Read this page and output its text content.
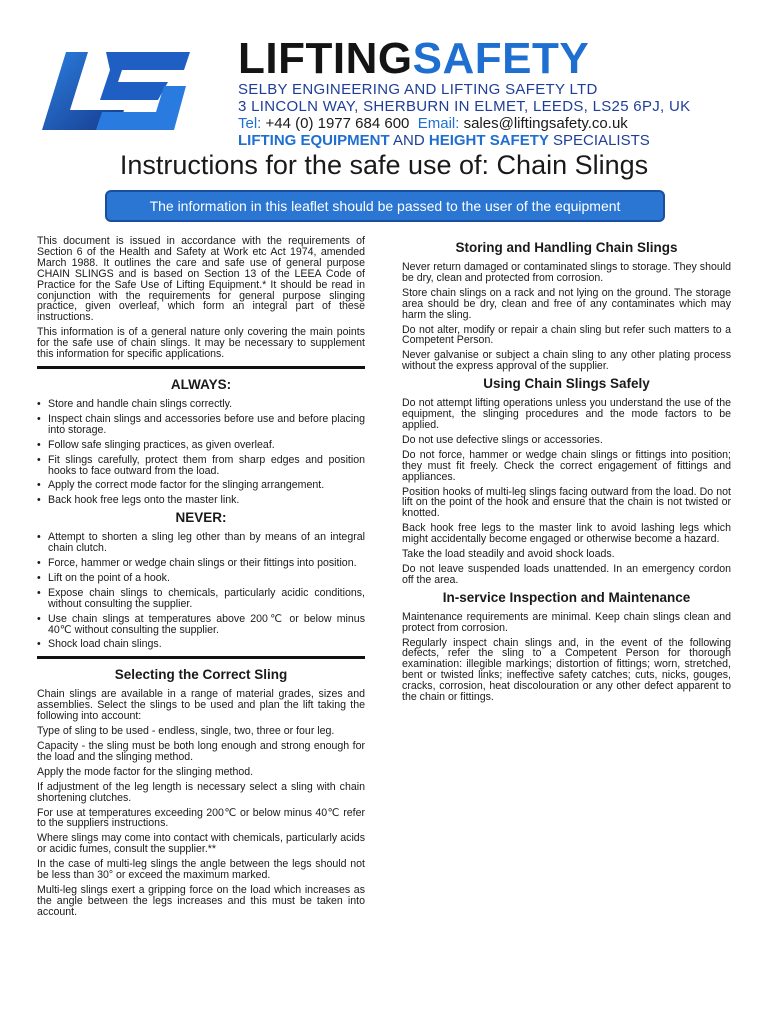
LIFTINGSAFETY
SELBY ENGINEERING AND LIFTING SAFETY LTD
3 LINCOLN WAY, SHERBURN IN ELMET, LEEDS, LS25 6PJ, UK
Tel: +44 (0) 1977 684 600 Email: sales@liftingsafety.co.uk
LIFTING EQUIPMENT AND HEIGHT SAFETY SPECIALISTS
Instructions for the safe use of: Chain Slings
The information in this leaflet should be passed to the user of the equipment

This document is issued in accordance with the requirements of Section 6 of the Health and Safety at Work etc Act 1974, amended March 1988. It outlines the care and safe use of general purpose CHAIN SLINGS and is based on Section 13 of the LEEA Code of Practice for the Safe Use of Lifting Equipment.* It should be read in conjunction with the requirements for general purpose slinging practice, given overleaf, which form an integral part of these instructions.

This information is of a general nature only covering the main points for the safe use of chain slings. It may be necessary to supplement this information for specific applications.

ALWAYS:
• Store and handle chain slings correctly.
• Inspect chain slings and accessories before use and before placing into storage.
• Follow safe slinging practices, as given overleaf.
• Fit slings carefully, protect them from sharp edges and position hooks to face outward from the load.
• Apply the correct mode factor for the slinging arrangement.
• Back hook free legs onto the master link.
NEVER:
• Attempt to shorten a sling leg other than by means of an integral chain clutch.
• Force, hammer or wedge chain slings or their fittings into position.
• Lift on the point of a hook.
• Expose chain slings to chemicals, particularly acidic conditions, without consulting the supplier.
• Use chain slings at temperatures above 200℃ or below minus 40℃ without consulting the supplier.
• Shock load chain slings.
Selecting the Correct Sling

Chain slings are available in a range of material grades, sizes and assemblies. Select the slings to be used and plan the lift taking the following into account:

Type of sling to be used - endless, single, two, three or four leg.

Capacity - the sling must be both long enough and strong enough for the load and the slinging method.

Apply the mode factor for the slinging method.

If adjustment of the leg length is necessary select a sling with chain shortening clutches.

For use at temperatures exceeding 200℃ or below minus 40℃ refer to the suppliers instructions.

Where slings may come into contact with chemicals, particularly acids or acidic fumes, consult the supplier.**

In the case of multi-leg slings the angle between the legs should not be less than 30° or exceed the maximum marked.

Multi-leg slings exert a gripping force on the load which increases as the angle between the legs increases and this must be taken into account.

Storing and Handling Chain Slings

Never return damaged or contaminated slings to storage. They should be dry, clean and protected from corrosion.

Store chain slings on a rack and not lying on the ground. The storage area should be dry, clean and free of any contaminates which may harm the sling.

Do not alter, modify or repair a chain sling but refer such matters to a Competent Person.

Never galvanise or subject a chain sling to any other plating process without the express approval of the supplier.

Using Chain Slings Safely

Do not attempt lifting operations unless you understand the use of the equipment, the slinging procedures and the mode factors to be applied.

Do not use defective slings or accessories.

Do not force, hammer or wedge chain slings or fittings into position; they must fit freely. Check the correct engagement of fittings and appliances.

Position hooks of multi-leg slings facing outward from the load. Do not lift on the point of the hook and ensure that the chain is not twisted or knotted.

Back hook free legs to the master link to avoid lashing legs which might accidentally become engaged or otherwise become a hazard.

Take the load steadily and avoid shock loads.

Do not leave suspended loads unattended. In an emergency cordon off the area.

In-service Inspection and Maintenance

Maintenance requirements are minimal. Keep chain slings clean and protect from corrosion.

Regularly inspect chain slings and, in the event of the following defects, refer the sling to a Competent Person for thorough examination: illegible markings; distortion of fittings; worn, stretched, bent or twisted links; ineffective safety catches; cuts, nicks, gouges, cracks, corrosion, heat discolouration or any other defect apparent to the chain or fittings.
